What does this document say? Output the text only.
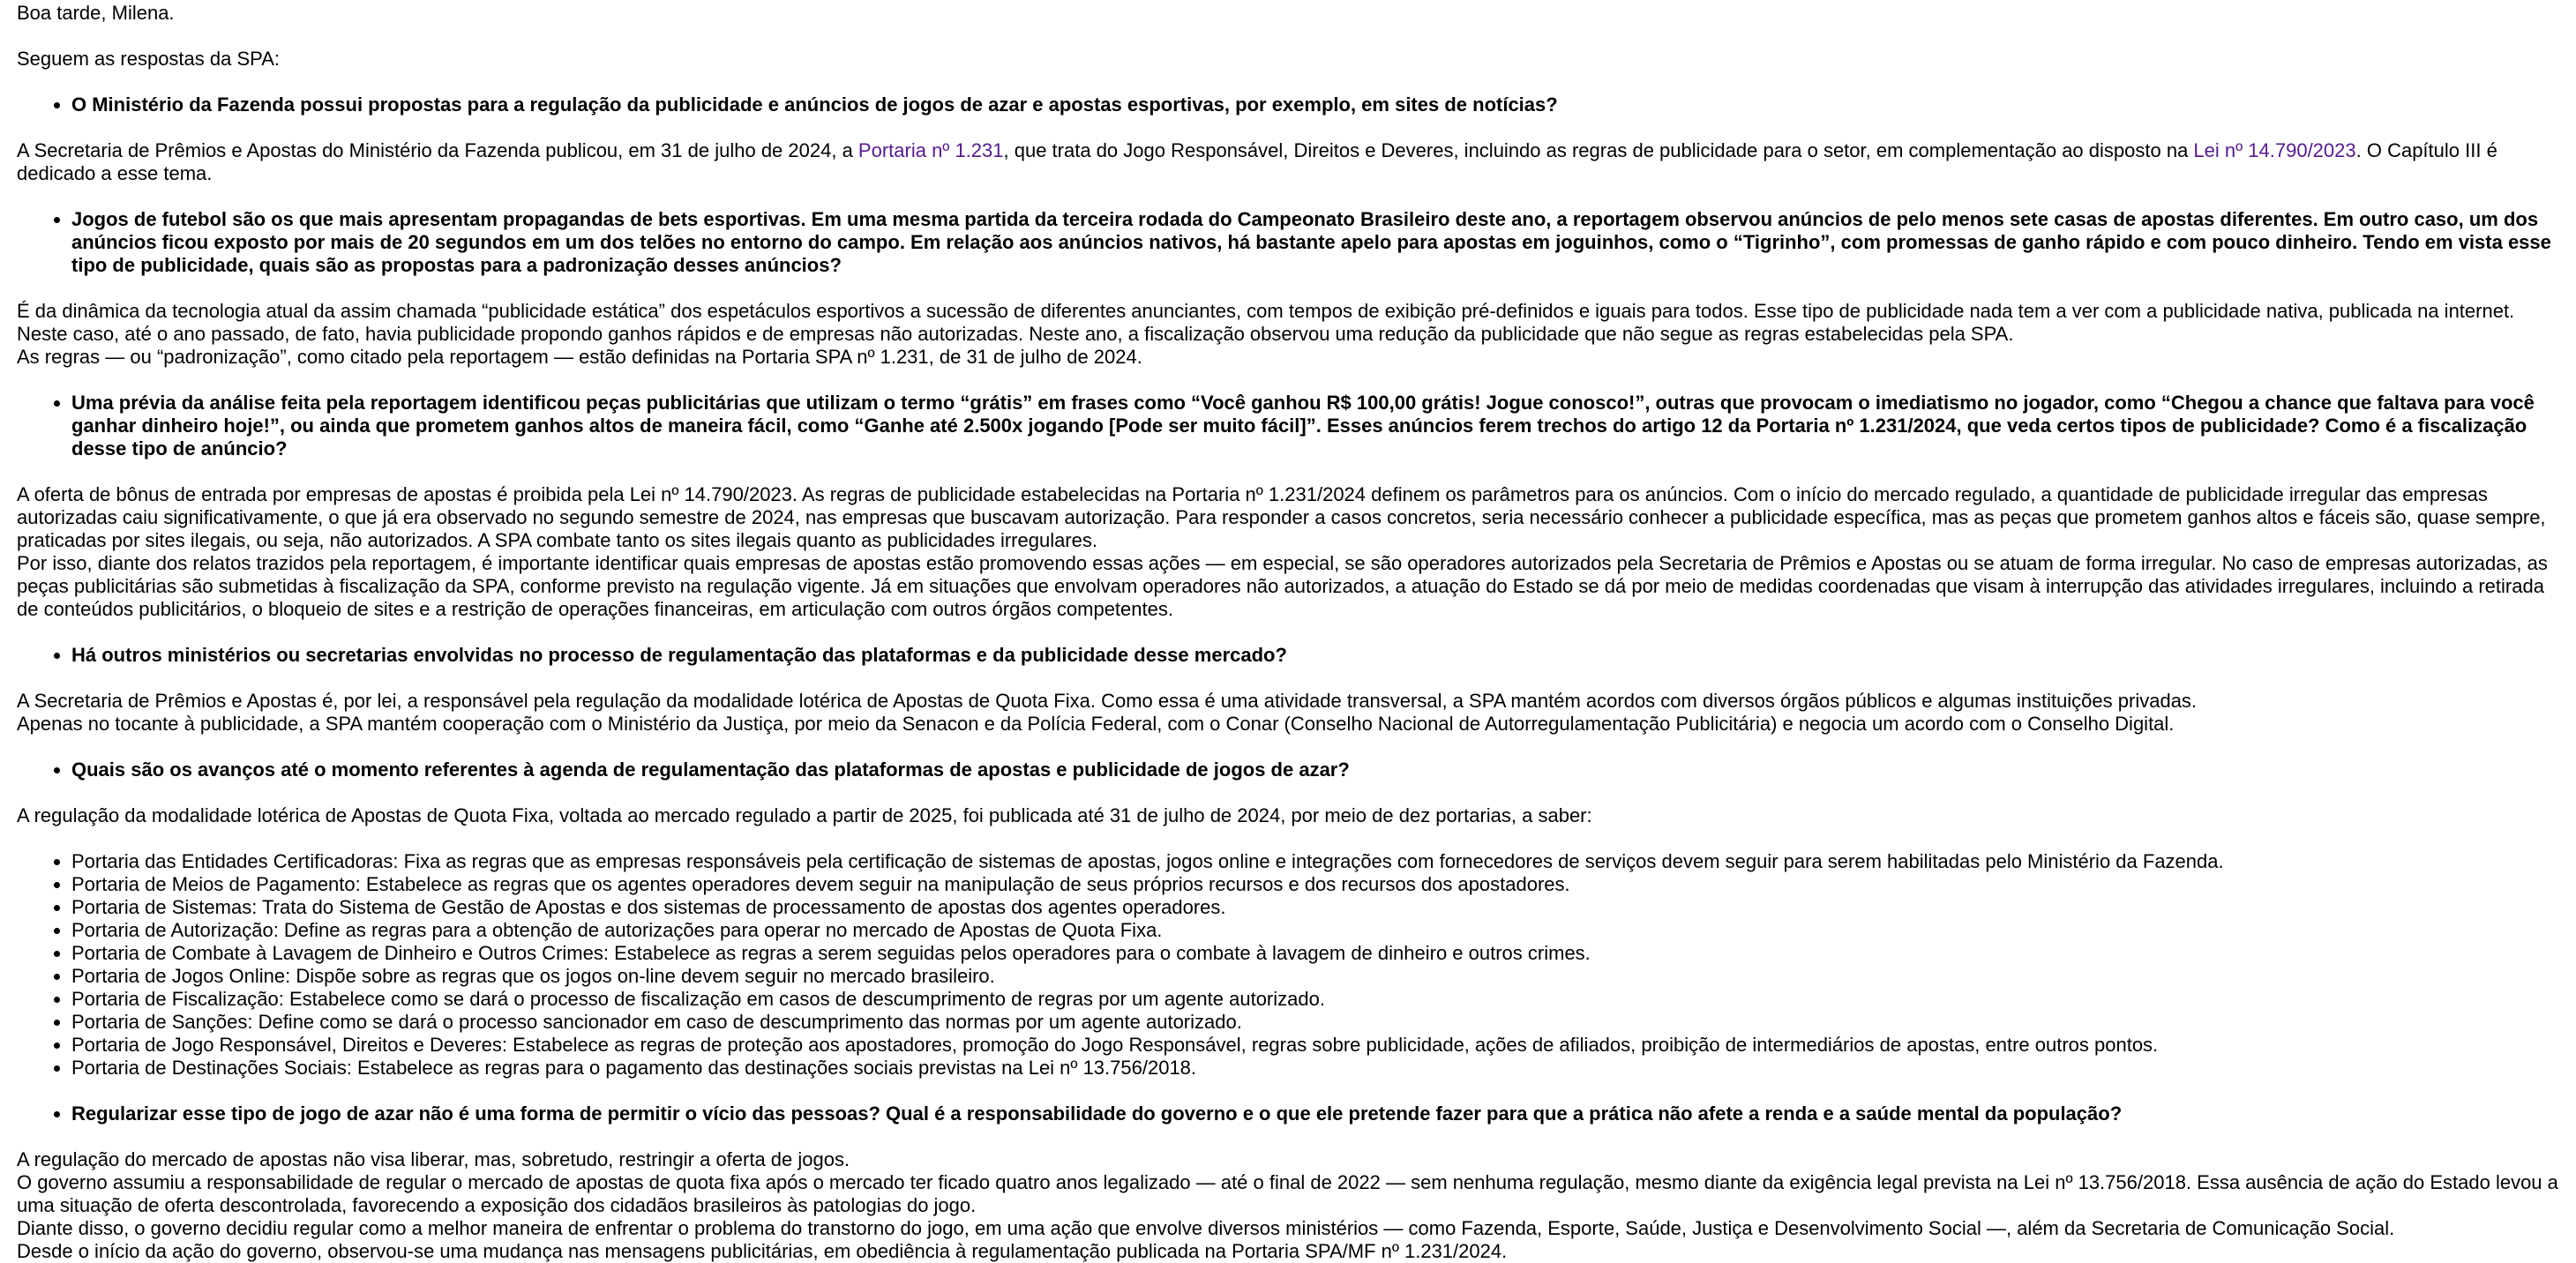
Boa tarde, Milena.

Seguem as respostas da SPA:

• O Ministério da Fazenda possui propostas para a regulação da publicidade e anúncios de jogos de azar e apostas esportivas, por exemplo, em sites de notícias?

A Secretaria de Prêmios e Apostas do Ministério da Fazenda publicou, em 31 de julho de 2024, a Portaria nº 1.231, que trata do Jogo Responsável, Direitos e Deveres, incluindo as regras de publicidade para o setor, em complementação ao disposto na Lei nº 14.790/2023. O Capítulo III é dedicado a esse tema.

• Jogos de futebol são os que mais apresentam propagandas de bets esportivas. Em uma mesma partida da terceira rodada do Campeonato Brasileiro deste ano, a reportagem observou anúncios de pelo menos sete casas de apostas diferentes. Em outro caso, um dos anúncios ficou exposto por mais de 20 segundos em um dos telões no entorno do campo. Em relação aos anúncios nativos, há bastante apelo para apostas em joguinhos, como o “Tigrinho”, com promessas de ganho rápido e com pouco dinheiro. Tendo em vista esse tipo de publicidade, quais são as propostas para a padronização desses anúncios?

É da dinâmica da tecnologia atual da assim chamada “publicidade estática” dos espetáculos esportivos a sucessão de diferentes anunciantes, com tempos de exibição pré-definidos e iguais para todos. Esse tipo de publicidade nada tem a ver com a publicidade nativa, publicada na internet.

Neste caso, até o ano passado, de fato, havia publicidade propondo ganhos rápidos e de empresas não autorizadas. Neste ano, a fiscalização observou uma redução da publicidade que não segue as regras estabelecidas pela SPA.

As regras — ou “padronização”, como citado pela reportagem — estão definidas na Portaria SPA nº 1.231, de 31 de julho de 2024.

• Uma prévia da análise feita pela reportagem identificou peças publicitárias que utilizam o termo “grátis” em frases como “Você ganhou R$ 100,00 grátis! Jogue conosco!”, outras que provocam o imediatismo no jogador, como “Chegou a chance que faltava para você ganhar dinheiro hoje!”, ou ainda que prometem ganhos altos de maneira fácil, como “Ganhe até 2.500x jogando [Pode ser muito fácil]”. Esses anúncios ferem trechos do artigo 12 da Portaria nº 1.231/2024, que veda certos tipos de publicidade? Como é a fiscalização desse tipo de anúncio?

A oferta de bônus de entrada por empresas de apostas é proibida pela Lei nº 14.790/2023. As regras de publicidade estabelecidas na Portaria nº 1.231/2024 definem os parâmetros para os anúncios. Com o início do mercado regulado, a quantidade de publicidade irregular das empresas autorizadas caiu significativamente, o que já era observado no segundo semestre de 2024, nas empresas que buscavam autorização. Para responder a casos concretos, seria necessário conhecer a publicidade específica, mas as peças que prometem ganhos altos e fáceis são, quase sempre, praticadas por sites ilegais, ou seja, não autorizados. A SPA combate tanto os sites ilegais quanto as publicidades irregulares.

Por isso, diante dos relatos trazidos pela reportagem, é importante identificar quais empresas de apostas estão promovendo essas ações — em especial, se são operadores autorizados pela Secretaria de Prêmios e Apostas ou se atuam de forma irregular. No caso de empresas autorizadas, as peças publicitárias são submetidas à fiscalização da SPA, conforme previsto na regulação vigente. Já em situações que envolvam operadores não autorizados, a atuação do Estado se dá por meio de medidas coordenadas que visam à interrupção das atividades irregulares, incluindo a retirada de conteúdos publicitários, o bloqueio de sites e a restrição de operações financeiras, em articulação com outros órgãos competentes.

• Há outros ministérios ou secretarias envolvidas no processo de regulamentação das plataformas e da publicidade desse mercado?

A Secretaria de Prêmios e Apostas é, por lei, a responsável pela regulação da modalidade lotérica de Apostas de Quota Fixa. Como essa é uma atividade transversal, a SPA mantém acordos com diversos órgãos públicos e algumas instituições privadas.

Apenas no tocante à publicidade, a SPA mantém cooperação com o Ministério da Justiça, por meio da Senacon e da Polícia Federal, com o Conar (Conselho Nacional de Autorregulamentação Publicitária) e negocia um acordo com o Conselho Digital.

• Quais são os avanços até o momento referentes à agenda de regulamentação das plataformas de apostas e publicidade de jogos de azar?

A regulação da modalidade lotérica de Apostas de Quota Fixa, voltada ao mercado regulado a partir de 2025, foi publicada até 31 de julho de 2024, por meio de dez portarias, a saber:

• Portaria das Entidades Certificadoras: Fixa as regras que as empresas responsáveis pela certificação de sistemas de apostas, jogos online e integrações com fornecedores de serviços devem seguir para serem habilitadas pelo Ministério da Fazenda.
• Portaria de Meios de Pagamento: Estabelece as regras que os agentes operadores devem seguir na manipulação de seus próprios recursos e dos recursos dos apostadores.
• Portaria de Sistemas: Trata do Sistema de Gestão de Apostas e dos sistemas de processamento de apostas dos agentes operadores.
• Portaria de Autorização: Define as regras para a obtenção de autorizações para operar no mercado de Apostas de Quota Fixa.
• Portaria de Combate à Lavagem de Dinheiro e Outros Crimes: Estabelece as regras a serem seguidas pelos operadores para o combate à lavagem de dinheiro e outros crimes.
• Portaria de Jogos Online: Dispõe sobre as regras que os jogos on-line devem seguir no mercado brasileiro.
• Portaria de Fiscalização: Estabelece como se dará o processo de fiscalização em casos de descumprimento de regras por um agente autorizado.
• Portaria de Sanções: Define como se dará o processo sancionador em caso de descumprimento das normas por um agente autorizado.
• Portaria de Jogo Responsável, Direitos e Deveres: Estabelece as regras de proteção aos apostadores, promoção do Jogo Responsável, regras sobre publicidade, ações de afiliados, proibição de intermediários de apostas, entre outros pontos.
• Portaria de Destinações Sociais: Estabelece as regras para o pagamento das destinações sociais previstas na Lei nº 13.756/2018.
• Regularizar esse tipo de jogo de azar não é uma forma de permitir o vício das pessoas? Qual é a responsabilidade do governo e o que ele pretende fazer para que a prática não afete a renda e a saúde mental da população?

A regulação do mercado de apostas não visa liberar, mas, sobretudo, restringir a oferta de jogos.

O governo assumiu a responsabilidade de regular o mercado de apostas de quota fixa após o mercado ter ficado quatro anos legalizado — até o final de 2022 — sem nenhuma regulação, mesmo diante da exigência legal prevista na Lei nº 13.756/2018. Essa ausência de ação do Estado levou a uma situação de oferta descontrolada, favorecendo a exposição dos cidadãos brasileiros às patologias do jogo.

Diante disso, o governo decidiu regular como a melhor maneira de enfrentar o problema do transtorno do jogo, em uma ação que envolve diversos ministérios — como Fazenda, Esporte, Saúde, Justiça e Desenvolvimento Social —, além da Secretaria de Comunicação Social.

Desde o início da ação do governo, observou-se uma mudança nas mensagens publicitárias, em obediência à regulamentação publicada na Portaria SPA/MF nº 1.231/2024.
